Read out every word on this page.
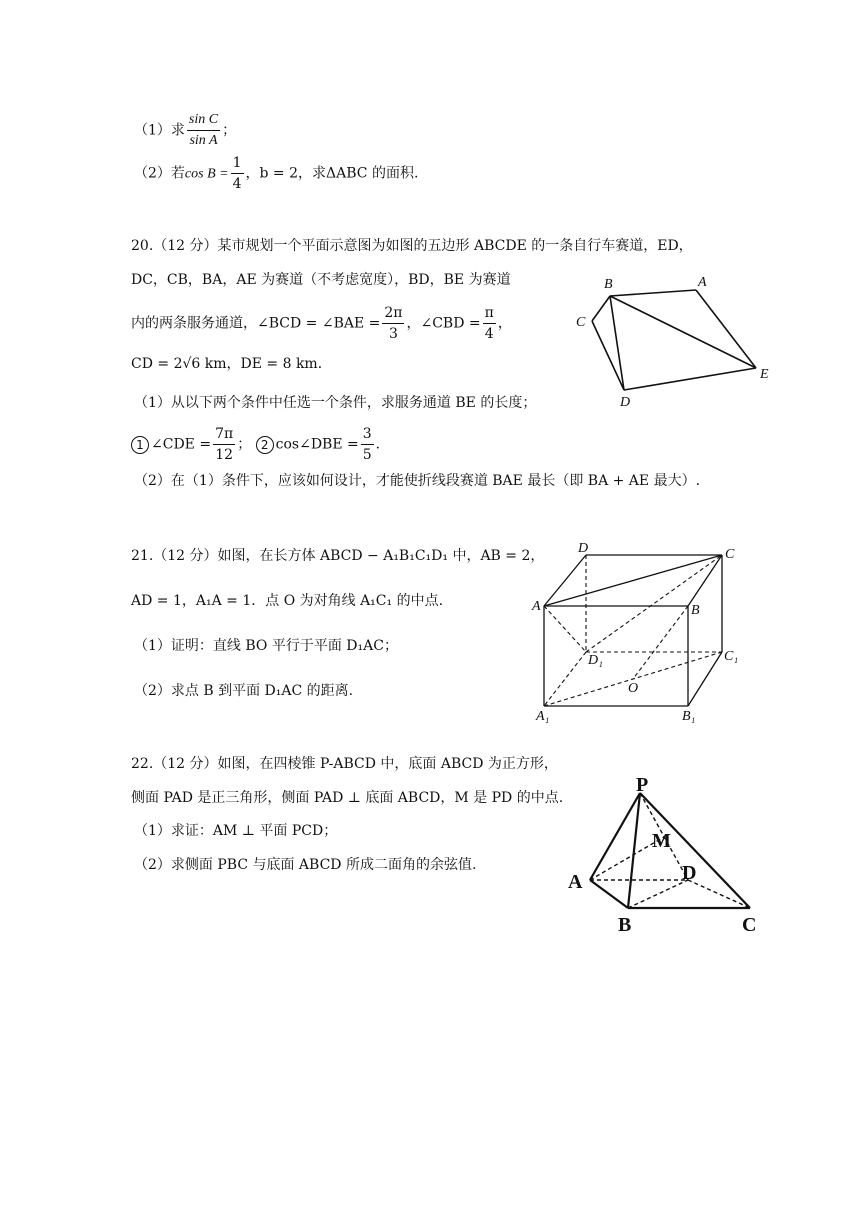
（1）求 $\frac{\text{sin C}}{\text{sin A}}$ ；
（2）若$\cos B = \frac{1}{4}$ ，b = 2，求ΔABC 的面积.
20.（12 分）某市规划一个平面示意图为如图的五边形 ABCDE 的一条自行车赛道，ED，
DC，CB，BA，AE 为赛道（不考虑宽度），BD，BE 为赛道
内的两条服务通道，∠BCD = ∠BAE = $\frac{2\pi}{3}$ ，∠CBD = $\frac{\pi}{4}$ ，
CD = 2√6 km，DE = 8 km．
（1）从以下两个条件中任选一个条件，求服务通道 BE 的长度；
1 ∠CDE = $\frac{7\pi}{12}$ ； 2 cos∠DBE = $\frac{3}{5}$ ．
（2）在（1）条件下，应该如何设计，才能使折线段赛道 BAE 最长（即 BA + AE 最大）.
B	A
C
D
E
21.（12 分）如图，在长方体 ABCD − A₁B₁C₁D₁ 中，AB = 2，
AD = 1，A₁A = 1．点 O 为对角线 A₁C₁ 的中点.
（1）证明：直线 BO 平行于平面 D₁AC；
（2）求点 B 到平面 D₁AC 的距离.
D	C
A	B
D₁	C₁
O
A₁	B₁
22.（12 分）如图，在四棱锥 P-ABCD 中，底面 ABCD 为正方形，
侧面 PAD 是正三角形，侧面 PAD ⊥ 底面 ABCD，M 是 PD 的中点.
（1）求证：AM ⊥ 平面 PCD；
（2）求侧面 PBC 与底面 ABCD 所成二面角的余弦值.
P
M
A	D
B	C
